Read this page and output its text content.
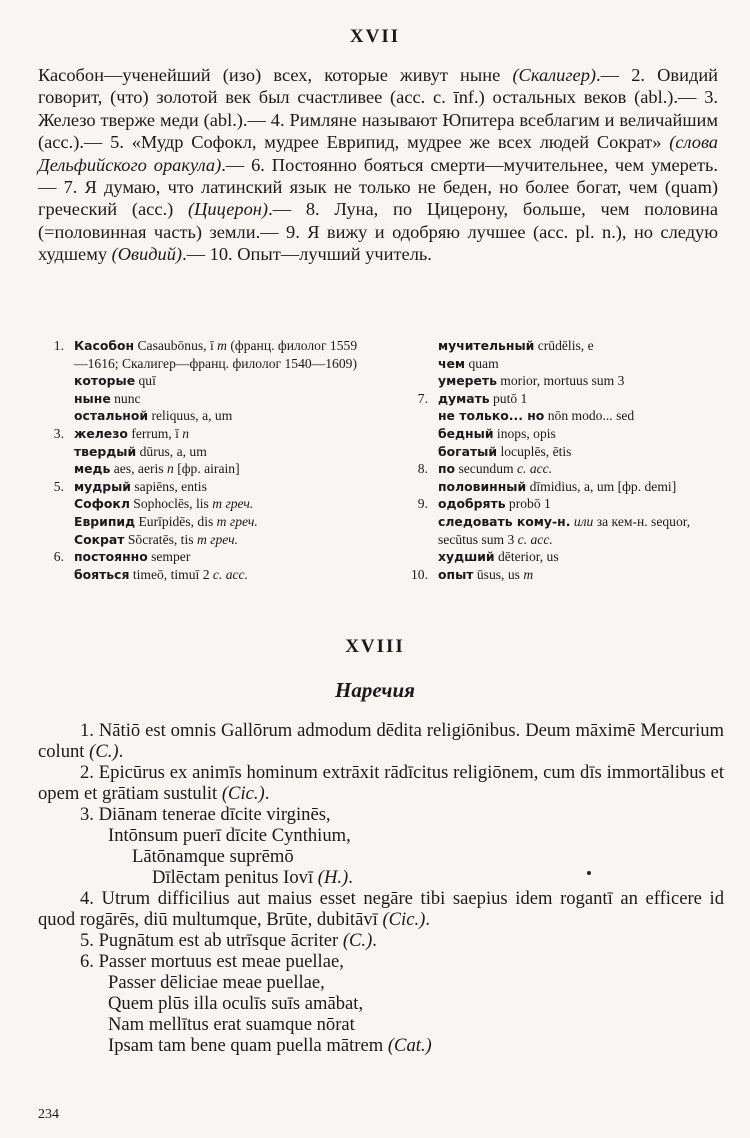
XVII
Касобон—ученейший (изо) всех, которые живут ныне (Скалигер).— 2. Овидий говорит, (что) золотой век был счастливее (acc. c. īnf.) остальных веков (abl.).— 3. Железо тверже меди (abl.).— 4. Римляне называют Юпитера всеблагим и величайшим (acc.).— 5. «Мудр Софокл, мудрее Еврипид, мудрее же всех людей Сократ» (слова Дельфийского оракула).— 6. Постоянно бояться смерти—мучительнее, чем умереть.— 7. Я думаю, что латинский язык не только не беден, но более богат, чем (quam) греческий (acc.) (Цицерон).— 8. Луна, по Цицерону, больше, чем половина (=половинная часть) земли.— 9. Я вижу и одобряю лучшее (acc. pl. n.), но следую худшему (Овидий).— 10. Опыт—лучший учитель.
1. Касобон Casaubōnus, ī m (франц. филолог 1559—1616; Скалигер—франц. филолог 1540—1609)
которые quī
ныне nunc
остальной reliquus, a, um
3. железо ferrum, ī n
твердый dūrus, a, um
медь aes, aeris n [фр. airain]
5. мудрый sapiēns, entis
Софокл Sophoclēs, lis m греч.
Еврипид Eurīpidēs, dis m греч.
Сократ Sōcratēs, tis m греч.
6. постоянно semper
бояться timeō, timuī 2 c. acc.
мучительный crūdēlis, e
чем quam
умереть morior, mortuus sum 3
7. думать putō 1
не только... но nōn modo... sed
бедный inops, opis
богатый locuplēs, ētis
8. по secundum c. acc.
половинный dīmidius, a, um [фр. demi]
9. одобрять probō 1
следовать кому-н. или за кем-н. sequor, secūtus sum 3 c. acc.
худший dēterior, us
10. опыт ūsus, us m
XVIII
Наречия

1. Nātiō est omnis Gallōrum admodum dēdita religiōnibus. Deum māximē Mercurium colunt (C.).

2. Epicūrus ex animīs hominum extrāxit rādīcitus religiōnem, cum dīs immortālibus et opem et grātiam sustulit (Cic.).

3. Diānam tenerae dīcite virginēs,

Intōnsum puerī dīcite Cynthium,

Lātōnamque suprēmō

Dīlēctam penitus Iovī (H.).

4. Utrum difficilius aut maius esset negāre tibi saepius idem rogantī an efficere id quod rogārēs, diū multumque, Brūte, dubitāvī (Cic.).

5. Pugnātum est ab utrīsque ācriter (C.).

6. Passer mortuus est meae puellae,

Passer dēliciae meae puellae,

Quem plūs illa oculīs suīs amābat,

Nam mellītus erat suamque nōrat

Ipsam tam bene quam puella mātrem (Cat.)

234
